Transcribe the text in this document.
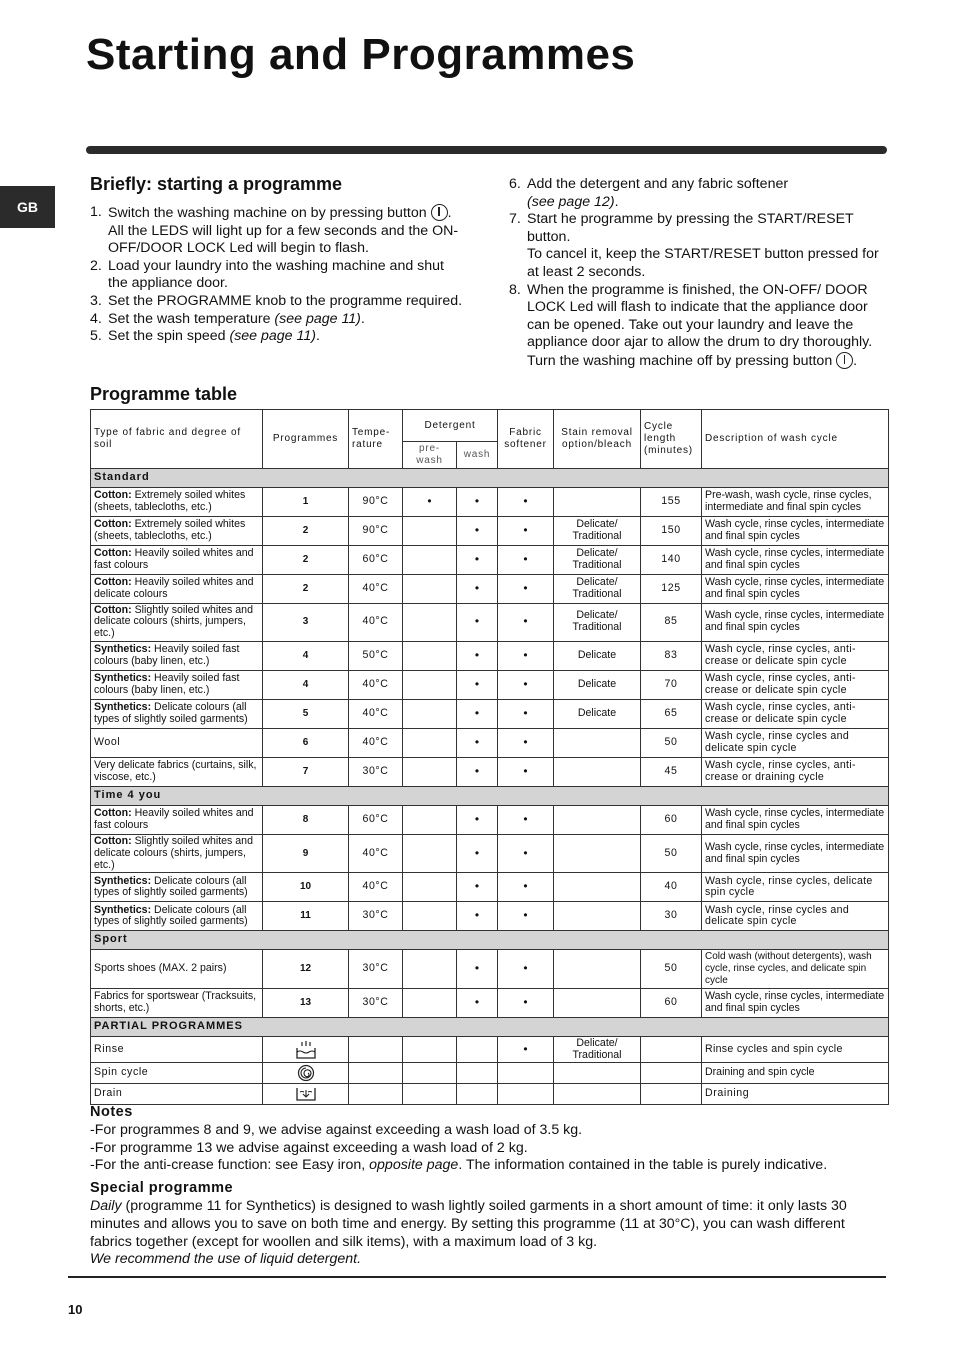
Starting and Programmes
GB
Briefly: starting a programme
1. Switch the washing machine on by pressing button . All the LEDS will light up for a few seconds and the ON-OFF/DOOR LOCK Led will begin to flash.
2. Load your laundry into the washing machine and shut the appliance door.
3. Set the PROGRAMME knob to the programme required.
4. Set the wash temperature (see page 11).
5. Set the spin speed (see page 11).
6. Add the detergent and any fabric softener
(see page 12).
7. Start he programme by pressing the START/RESET button.
To cancel it, keep the START/RESET button pressed for at least 2 seconds.
8. When the programme is finished, the ON-OFF/ DOOR LOCK Led will flash to indicate that the appliance door can be opened. Take out your laundry and leave the appliance door ajar to allow the drum to dry thoroughly. Turn the washing machine off by pressing button .
Programme table
Type of fabric and degree of soil	Programmes	Tempe- rature	Detergent		Fabric softener	Stain removal option/bleach	Cycle length (minutes)	Description of wash cycle
			pre- wash	wash				
Standard								
Cotton: Extremely soiled whites (sheets, tablecloths, etc.)	1	90°C	•	•	•		155	Pre-wash, wash cycle, rinse cycles, intermediate and final spin cycles
Cotton: Extremely soiled whites (sheets, tablecloths, etc.)	2	90°C		•	•	Delicate/ Traditional	150	Wash cycle, rinse cycles, intermediate and final spin cycles
Cotton: Heavily soiled whites and fast colours	2	60°C		•	•	Delicate/ Traditional	140	Wash cycle, rinse cycles, intermediate and final spin cycles
Cotton: Heavily soiled whites and delicate colours	2	40°C		•	•	Delicate/ Traditional	125	Wash cycle, rinse cycles, intermediate and final spin cycles
Cotton: Slightly soiled whites and delicate colours (shirts, jumpers, etc.)	3	40°C		•	•	Delicate/ Traditional	85	Wash cycle, rinse cycles, intermediate and final spin cycles
Synthetics: Heavily soiled fast colours (baby linen, etc.)	4	50°C		•	•	Delicate	83	Wash cycle, rinse cycles, anti-crease or delicate spin cycle
Synthetics: Heavily soiled fast colours (baby linen, etc.)	4	40°C		•	•	Delicate	70	Wash cycle, rinse cycles, anti-crease or delicate spin cycle
Synthetics: Delicate colours (all types of slightly soiled garments)	5	40°C		•	•	Delicate	65	Wash cycle, rinse cycles, anti-crease or delicate spin cycle
Wool	6	40°C		•	•		50	Wash cycle, rinse cycles and delicate spin cycle
Very delicate fabrics (curtains, silk, viscose, etc.)	7	30°C		•	•		45	Wash cycle, rinse cycles, anti-crease or draining cycle
Time 4 you								
Cotton: Heavily soiled whites and fast colours	8	60°C		•	•		60	Wash cycle, rinse cycles, intermediate and final spin cycles
Cotton: Slightly soiled whites and delicate colours (shirts, jumpers, etc.)	9	40°C		•	•		50	Wash cycle, rinse cycles, intermediate and final spin cycles
Synthetics: Delicate colours (all types of slightly soiled garments)	10	40°C		•	•		40	Wash cycle, rinse cycles, delicate spin cycle
Synthetics: Delicate colours (all types of slightly soiled garments)	11	30°C		•	•		30	Wash cycle, rinse cycles and delicate spin cycle
Sport								
Sports shoes (MAX. 2 pairs)	12	30°C		•	•		50	Cold wash (without detergents), wash cycle, rinse cycles, and delicate spin cycle
Fabrics for sportswear (Tracksuits, shorts, etc.)	13	30°C		•	•		60	Wash cycle, rinse cycles, intermediate and final spin cycles
PARTIAL PROGRAMMES								
Rinse					•	Delicate/ Traditional		Rinse cycles and spin cycle
Spin cycle								Draining and spin cycle
Drain								Draining
Notes
-For programmes 8 and 9, we advise against exceeding a wash load of 3.5 kg.
-For programme 13 we advise against exceeding a wash load of 2 kg.
-For the anti-crease function: see Easy iron, opposite page. The information contained in the table is purely indicative.
Special programme
Daily (programme 11 for Synthetics) is designed to wash lightly soiled garments in a short amount of time: it only lasts 30 minutes and allows you to save on both time and energy. By setting this programme (11 at 30°C), you can wash different fabrics together (except for woollen and silk items), with a maximum load of 3 kg.
We recommend the use of liquid detergent.
10
